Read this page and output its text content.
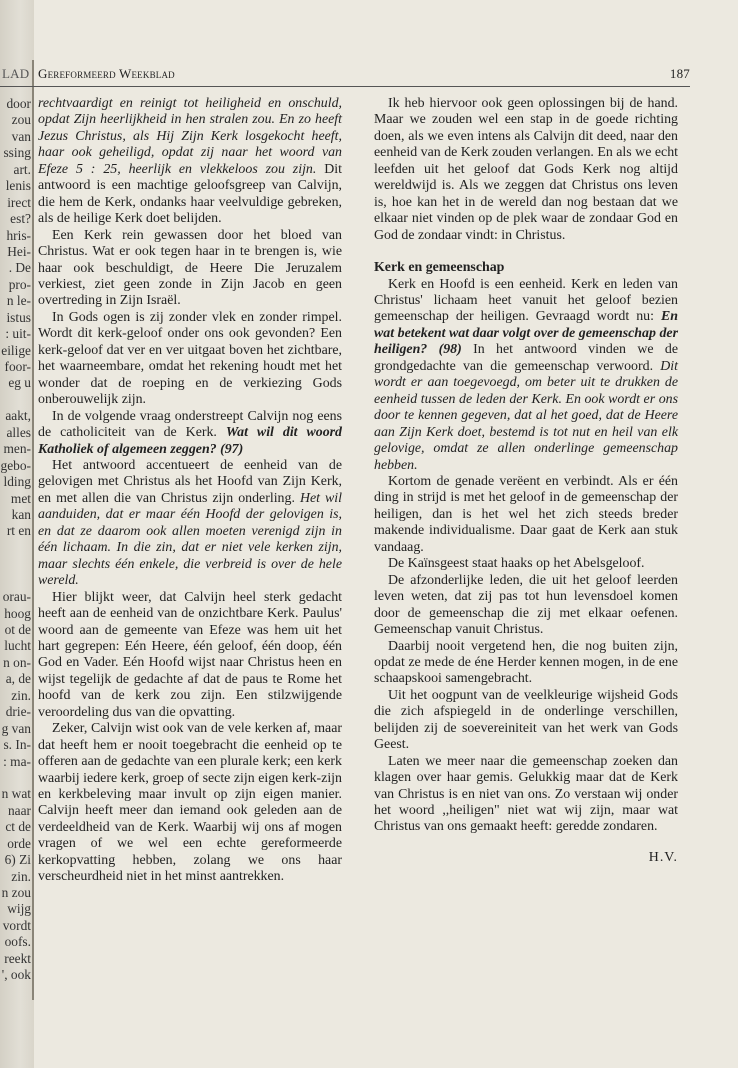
LAD Gereformeerd Weekblad	187
door
zou
van
ssing
art.
lenis
irect
est?
hris-
Hei-
. De
pro-
n le-
istus
: uit-
eilige
foor-
eg u
aakt,
alles
men-
gebo-
lding
met
kan
rt en
orau-
hoog
ot de
lucht
n on-
a, de
zin.
drie-
g van
s. In-
: ma-
n wat
naar
ct de
orde
6) Zi
zin.
n zou
wijg
vordt
oofs.
reekt
', ook

rechtvaardigt en reinigt tot heiligheid en onschuld, opdat Zijn heerlijkheid in hen stralen zou. En zo heeft Jezus Christus, als Hij Zijn Kerk losgekocht heeft, haar ook geheiligd, opdat zij naar het woord van Efeze 5 : 25, heerlijk en vlekkeloos zou zijn. Dit antwoord is een machtige geloofsgreep van Calvijn, die hem de Kerk, ondanks haar veelvuldige gebreken, als de heilige Kerk doet belijden.

Een Kerk rein gewassen door het bloed van Christus. Wat er ook tegen haar in te brengen is, wie haar ook beschuldigt, de Heere Die Jeruzalem verkiest, ziet geen zonde in Zijn Jacob en geen overtreding in Zijn Israël.

In Gods ogen is zij zonder vlek en zonder rimpel. Wordt dit kerk-geloof onder ons ook gevonden? Een kerk-geloof dat ver en ver uitgaat boven het zichtbare, het waarneembare, omdat het rekening houdt met het wonder dat de roeping en de verkiezing Gods onberouwelijk zijn.

In de volgende vraag onderstreept Calvijn nog eens de catholiciteit van de Kerk. Wat wil dit woord Katholiek of algemeen zeggen? (97)

Het antwoord accentueert de eenheid van de gelovigen met Christus als het Hoofd van Zijn Kerk, en met allen die van Christus zijn onderling. Het wil aanduiden, dat er maar één Hoofd der gelovigen is, en dat ze daarom ook allen moeten verenigd zijn in één lichaam. In die zin, dat er niet vele kerken zijn, maar slechts één enkele, die verbreid is over de hele wereld.

Hier blijkt weer, dat Calvijn heel sterk gedacht heeft aan de eenheid van de onzichtbare Kerk. Paulus' woord aan de gemeente van Efeze was hem uit het hart gegrepen: Eén Heere, één geloof, één doop, één God en Vader. Eén Hoofd wijst naar Christus heen en wijst tegelijk de gedachte af dat de paus te Rome het hoofd van de kerk zou zijn. Een stilzwijgende veroordeling dus van die opvatting.

Zeker, Calvijn wist ook van de vele kerken af, maar dat heeft hem er nooit toegebracht die eenheid op te offeren aan de gedachte van een plurale kerk; een kerk waarbij iedere kerk, groep of secte zijn eigen kerk-zijn en kerkbeleving maar invult op zijn eigen manier. Calvijn heeft meer dan iemand ook geleden aan de verdeeldheid van de Kerk. Waarbij wij ons af mogen vragen of we wel een echte gereformeerde kerkopvatting hebben, zolang we ons haar verscheurdheid niet in het minst aantrekken.

Ik heb hiervoor ook geen oplossingen bij de hand. Maar we zouden wel een stap in de goede richting doen, als we even intens als Calvijn dit deed, naar den eenheid van de Kerk zouden verlangen. En als we echt leefden uit het geloof dat Gods Kerk nog altijd wereldwijd is. Als we zeggen dat Christus ons leven is, hoe kan het in de wereld dan nog bestaan dat we elkaar niet vinden op de plek waar de zondaar God en God de zondaar vindt: in Christus.

Kerk en gemeenschap

Kerk en Hoofd is een eenheid. Kerk en leden van Christus' lichaam heet vanuit het geloof bezien gemeenschap der heiligen. Gevraagd wordt nu: En wat betekent wat daar volgt over de gemeenschap der heiligen? (98) In het antwoord vinden we de grondgedachte van die gemeenschap verwoord. Dit wordt er aan toegevoegd, om beter uit te drukken de eenheid tussen de leden der Kerk. En ook wordt er ons door te kennen gegeven, dat al het goed, dat de Heere aan Zijn Kerk doet, bestemd is tot nut en heil van elk gelovige, omdat ze allen onderlinge gemeenschap hebben.

Kortom de genade verëent en verbindt. Als er één ding in strijd is met het geloof in de gemeenschap der heiligen, dan is het wel het zich steeds breder makende individualisme. Daar gaat de Kerk aan stuk vandaag.

De Kaïnsgeest staat haaks op het Abelsgeloof.

De afzonderlijke leden, die uit het geloof leerden leven weten, dat zij pas tot hun levensdoel komen door de gemeenschap die zij met elkaar oefenen. Gemeenschap vanuit Christus.

Daarbij nooit vergetend hen, die nog buiten zijn, opdat ze mede de éne Herder kennen mogen, in de ene schaapskooi samengebracht.

Uit het oogpunt van de veelkleurige wijsheid Gods die zich afspiegeld in de onderlinge verschillen, belijden zij de soevereiniteit van het werk van Gods Geest.

Laten we meer naar die gemeenschap zoeken dan klagen over haar gemis. Gelukkig maar dat de Kerk van Christus is en niet van ons. Zo verstaan wij onder het woord ,,heiligen" niet wat wij zijn, maar wat Christus van ons gemaakt heeft: geredde zondaren.

H.V.
